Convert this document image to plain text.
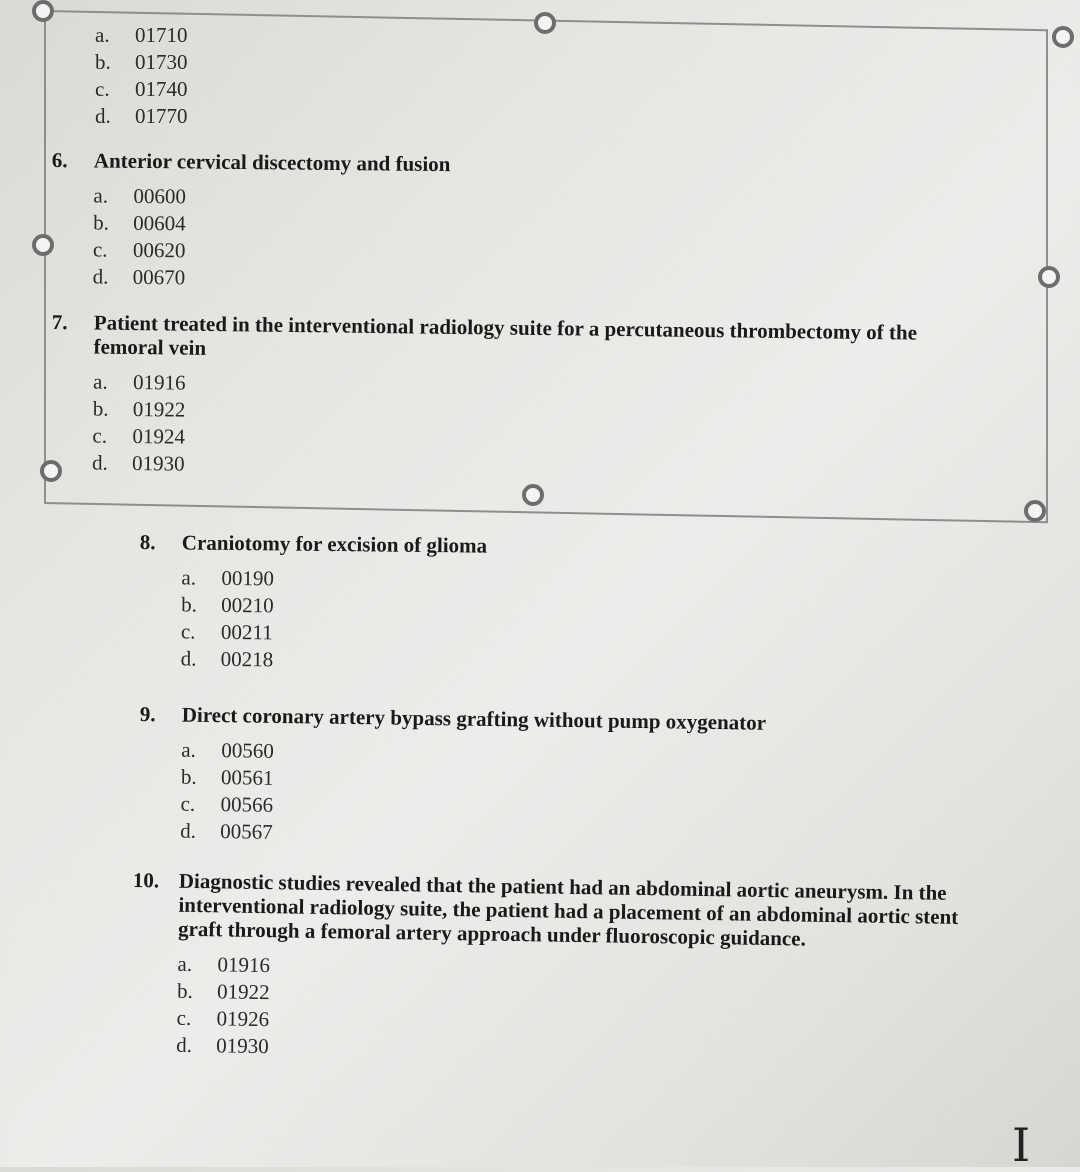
a.	01710
b.	01730
c.	01740
d.	01770
6.	Anterior cervical discectomy and fusion
a.	00600
b.	00604
c.	00620
d.	00670
7.	Patient treated in the interventional radiology suite for a percutaneous thrombectomy of the femoral vein
a.	01916
b.	01922
c.	01924
d.	01930
8.	Craniotomy for excision of glioma
a.	00190
b.	00210
c.	00211
d.	00218
9.	Direct coronary artery bypass grafting without pump oxygenator
a.	00560
b.	00561
c.	00566
d.	00567
10. Diagnostic studies revealed that the patient had an abdominal aortic aneurysm. In the interventional radiology suite, the patient had a placement of an abdominal aortic stent graft through a femoral artery approach under fluoroscopic guidance.
a.	01916
b.	01922
c.	01926
d.	01930
I
